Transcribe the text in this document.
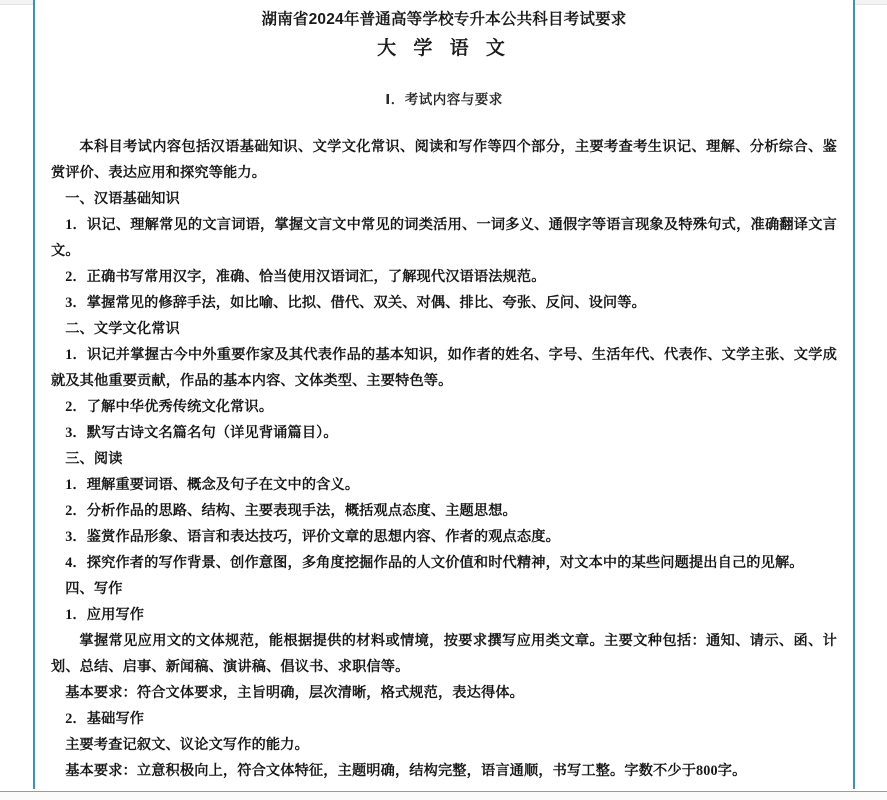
湖南省2024年普通高等学校专升本公共科目考试要求
大 学 语 文
Ⅰ．考试内容与要求

本科目考试内容包括汉语基础知识、文学文化常识、阅读和写作等四个部分，主要考查考生识记、理解、分析综合、鉴赏评价、表达应用和探究等能力。

一、汉语基础知识

1．识记、理解常见的文言词语，掌握文言文中常见的词类活用、一词多义、通假字等语言现象及特殊句式，准确翻译文言文。

2．正确书写常用汉字，准确、恰当使用汉语词汇，了解现代汉语语法规范。

3．掌握常见的修辞手法，如比喻、比拟、借代、双关、对偶、排比、夸张、反问、设问等。

二、文学文化常识

1．识记并掌握古今中外重要作家及其代表作品的基本知识，如作者的姓名、字号、生活年代、代表作、文学主张、文学成就及其他重要贡献，作品的基本内容、文体类型、主要特色等。

2．了解中华优秀传统文化常识。

3．默写古诗文名篇名句（详见背诵篇目）。

三、阅读

1．理解重要词语、概念及句子在文中的含义。

2．分析作品的思路、结构、主要表现手法，概括观点态度、主题思想。

3．鉴赏作品形象、语言和表达技巧，评价文章的思想内容、作者的观点态度。

4．探究作者的写作背景、创作意图，多角度挖掘作品的人文价值和时代精神，对文本中的某些问题提出自己的见解。

四、写作

1．应用写作

掌握常见应用文的文体规范，能根据提供的材料或情境，按要求撰写应用类文章。主要文种包括：通知、请示、函、计划、总结、启事、新闻稿、演讲稿、倡议书、求职信等。

基本要求：符合文体要求，主旨明确，层次清晰，格式规范，表达得体。

2．基础写作

主要考查记叙文、议论文写作的能力。

基本要求：立意积极向上，符合文体特征，主题明确，结构完整，语言通顺，书写工整。字数不少于800字。
